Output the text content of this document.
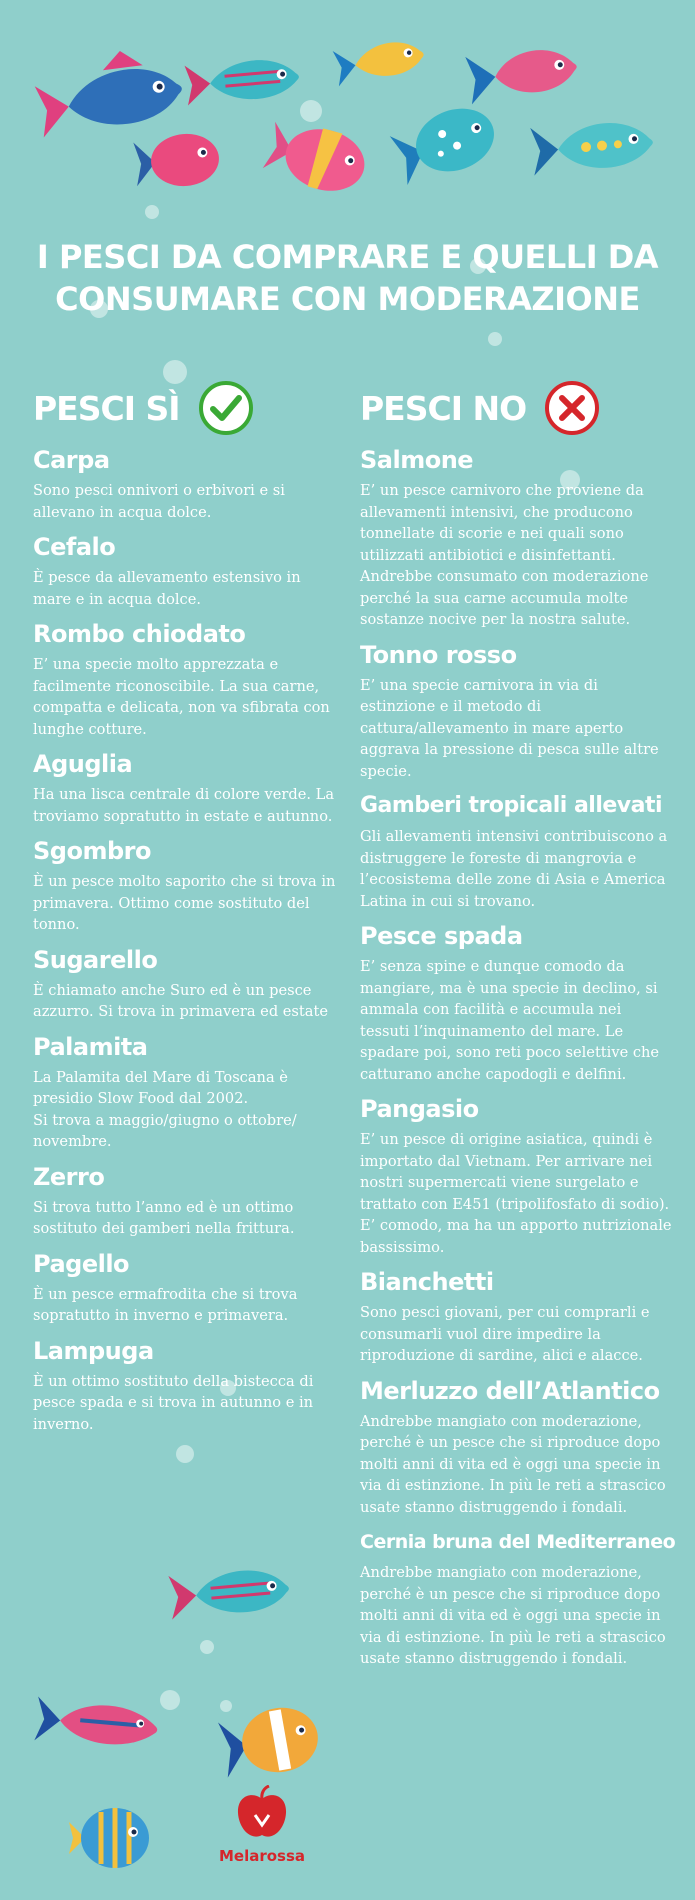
I PESCI DA COMPRARE E QUELLI DA CONSUMARE CON MODERAZIONE
PESCI SÌ
Carpa

Sono pesci onnivori o erbivori e si allevano in acqua dolce.

Cefalo

È pesce da allevamento estensivo in mare e in acqua dolce.

Rombo chiodato

E’ una specie molto apprezzata e facilmente riconoscibile. La sua carne, compatta e delicata, non va sfibrata con lunghe cotture.

Aguglia

Ha una lisca centrale di colore verde. La troviamo sopratutto in estate e autunno.

Sgombro

È un pesce molto saporito che si trova in primavera. Ottimo come sostituto del tonno.

Sugarello

È chiamato anche Suro ed è un pesce azzurro. Si trova in primavera ed estate

Palamita

La Palamita del Mare di Toscana è presidio Slow Food dal 2002.
Si trova a maggio/giugno o ottobre/ novembre.

Zerro

Si trova tutto l’anno ed è un ottimo sostituto dei gamberi nella frittura.

Pagello

È un pesce ermafrodita che si trova sopratutto in inverno e primavera.

Lampuga

È un ottimo sostituto della bistecca di pesce spada e si trova in autunno e in inverno.

PESCI NO
Salmone

E’ un pesce carnivoro che proviene da allevamenti intensivi, che producono tonnellate di scorie e nei quali sono utilizzati antibiotici e disinfettanti. Andrebbe consumato con moderazione perché la sua carne accumula molte sostanze nocive per la nostra salute.

Tonno rosso

E’ una specie carnivora in via di estinzione e il metodo di cattura/allevamento in mare aperto aggrava la pressione di pesca sulle altre specie.

Gamberi tropicali allevati

Gli allevamenti intensivi contribuiscono a distruggere le foreste di mangrovia e l’ecosistema delle zone di Asia e America Latina in cui si trovano.

Pesce spada

E’ senza spine e dunque comodo da mangiare, ma è una specie in declino, si ammala con facilità e accumula nei tessuti l’inquinamento del mare. Le spadare poi, sono reti poco selettive che catturano anche capodogli e delfini.

Pangasio

E’ un pesce di origine asiatica, quindi è importato dal Vietnam. Per arrivare nei nostri supermercati viene surgelato e trattato con E451 (tripolifosfato di sodio). E’ comodo, ma ha un apporto nutrizionale bassissimo.

Bianchetti

Sono pesci giovani, per cui comprarli e consumarli vuol dire impedire la riproduzione di sardine, alici e alacce.

Merluzzo dell’Atlantico

Andrebbe mangiato con moderazione, perché è un pesce che si riproduce dopo molti anni di vita ed è oggi una specie in via di estinzione. In più le reti a strascico usate stanno distruggendo i fondali.

Cernia bruna del Mediterraneo

Andrebbe mangiato con moderazione, perché è un pesce che si riproduce dopo molti anni di vita ed è oggi una specie in via di estinzione. In più le reti a strascico usate stanno distruggendo i fondali.

Melarossa
